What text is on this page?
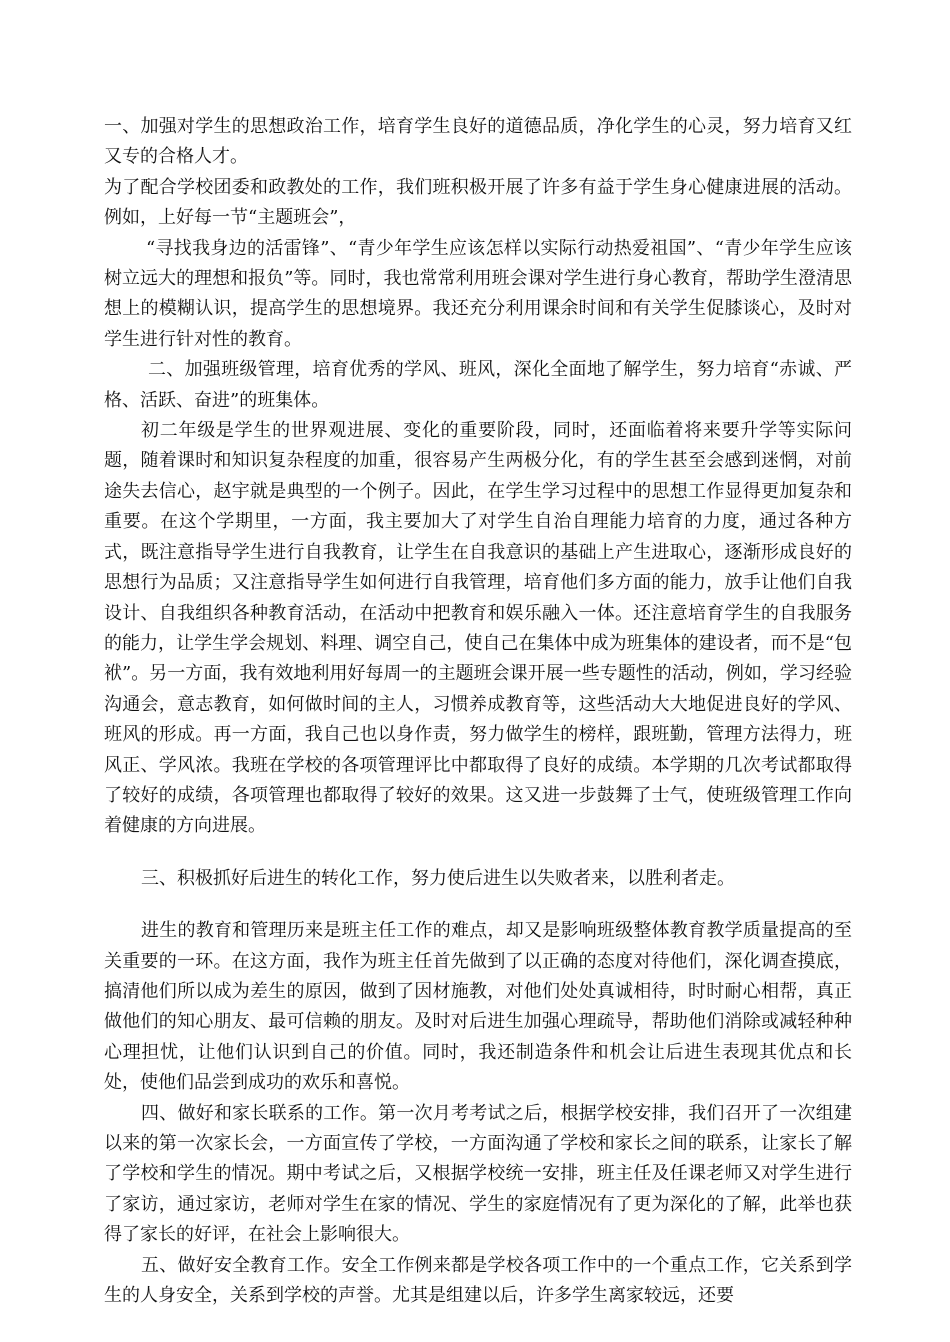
一、加强对学生的思想政治工作，培育学生良好的道德品质，净化学生的心灵，努力培育又红又专的合格人才。

为了配合学校团委和政教处的工作，我们班积极开展了许多有益于学生身心健康进展的活动。例如，上好每一节“主题班会”，

“寻找我身边的活雷锋”、“青少年学生应该怎样以实际行动热爱祖国”、“青少年学生应该树立远大的理想和报负”等。同时，我也常常利用班会课对学生进行身心教育，帮助学生澄清思想上的模糊认识，提高学生的思想境界。我还充分利用课余时间和有关学生促膝谈心，及时对学生进行针对性的教育。

二、加强班级管理，培育优秀的学风、班风，深化全面地了解学生，努力培育“赤诚、严格、活跃、奋进”的班集体。

初二年级是学生的世界观进展、变化的重要阶段，同时，还面临着将来要升学等实际问题，随着课时和知识复杂程度的加重，很容易产生两极分化，有的学生甚至会感到迷惘，对前途失去信心，赵宇就是典型的一个例子。因此，在学生学习过程中的思想工作显得更加复杂和重要。在这个学期里，一方面，我主要加大了对学生自治自理能力培育的力度，通过各种方式，既注意指导学生进行自我教育，让学生在自我意识的基础上产生进取心，逐渐形成良好的思想行为品质；又注意指导学生如何进行自我管理，培育他们多方面的能力，放手让他们自我设计、自我组织各种教育活动，在活动中把教育和娱乐融入一体。还注意培育学生的自我服务的能力，让学生学会规划、料理、调空自己，使自己在集体中成为班集体的建设者，而不是“包袱”。另一方面，我有效地利用好每周一的主题班会课开展一些专题性的活动，例如，学习经验沟通会，意志教育，如何做时间的主人，习惯养成教育等，这些活动大大地促进良好的学风、班风的形成。再一方面，我自己也以身作责，努力做学生的榜样，跟班勤，管理方法得力，班风正、学风浓。我班在学校的各项管理评比中都取得了良好的成绩。本学期的几次考试都取得了较好的成绩，各项管理也都取得了较好的效果。这又进一步鼓舞了士气，使班级管理工作向着健康的方向进展。

三、积极抓好后进生的转化工作，努力使后进生以失败者来，以胜利者走。

进生的教育和管理历来是班主任工作的难点，却又是影响班级整体教育教学质量提高的至关重要的一环。在这方面，我作为班主任首先做到了以正确的态度对待他们，深化调查摸底，搞清他们所以成为差生的原因，做到了因材施教，对他们处处真诚相待，时时耐心相帮，真正做他们的知心朋友、最可信赖的朋友。及时对后进生加强心理疏导，帮助他们消除或减轻种种心理担忧，让他们认识到自己的价值。同时，我还制造条件和机会让后进生表现其优点和长处，使他们品尝到成功的欢乐和喜悦。

四、做好和家长联系的工作。第一次月考考试之后，根据学校安排，我们召开了一次组建以来的第一次家长会，一方面宣传了学校，一方面沟通了学校和家长之间的联系，让家长了解了学校和学生的情况。期中考试之后，又根据学校统一安排，班主任及任课老师又对学生进行了家访，通过家访，老师对学生在家的情况、学生的家庭情况有了更为深化的了解，此举也获得了家长的好评，在社会上影响很大。

五、做好安全教育工作。安全工作例来都是学校各项工作中的一个重点工作，它关系到学生的人身安全，关系到学校的声誉。尤其是组建以后，许多学生离家较远，还要
